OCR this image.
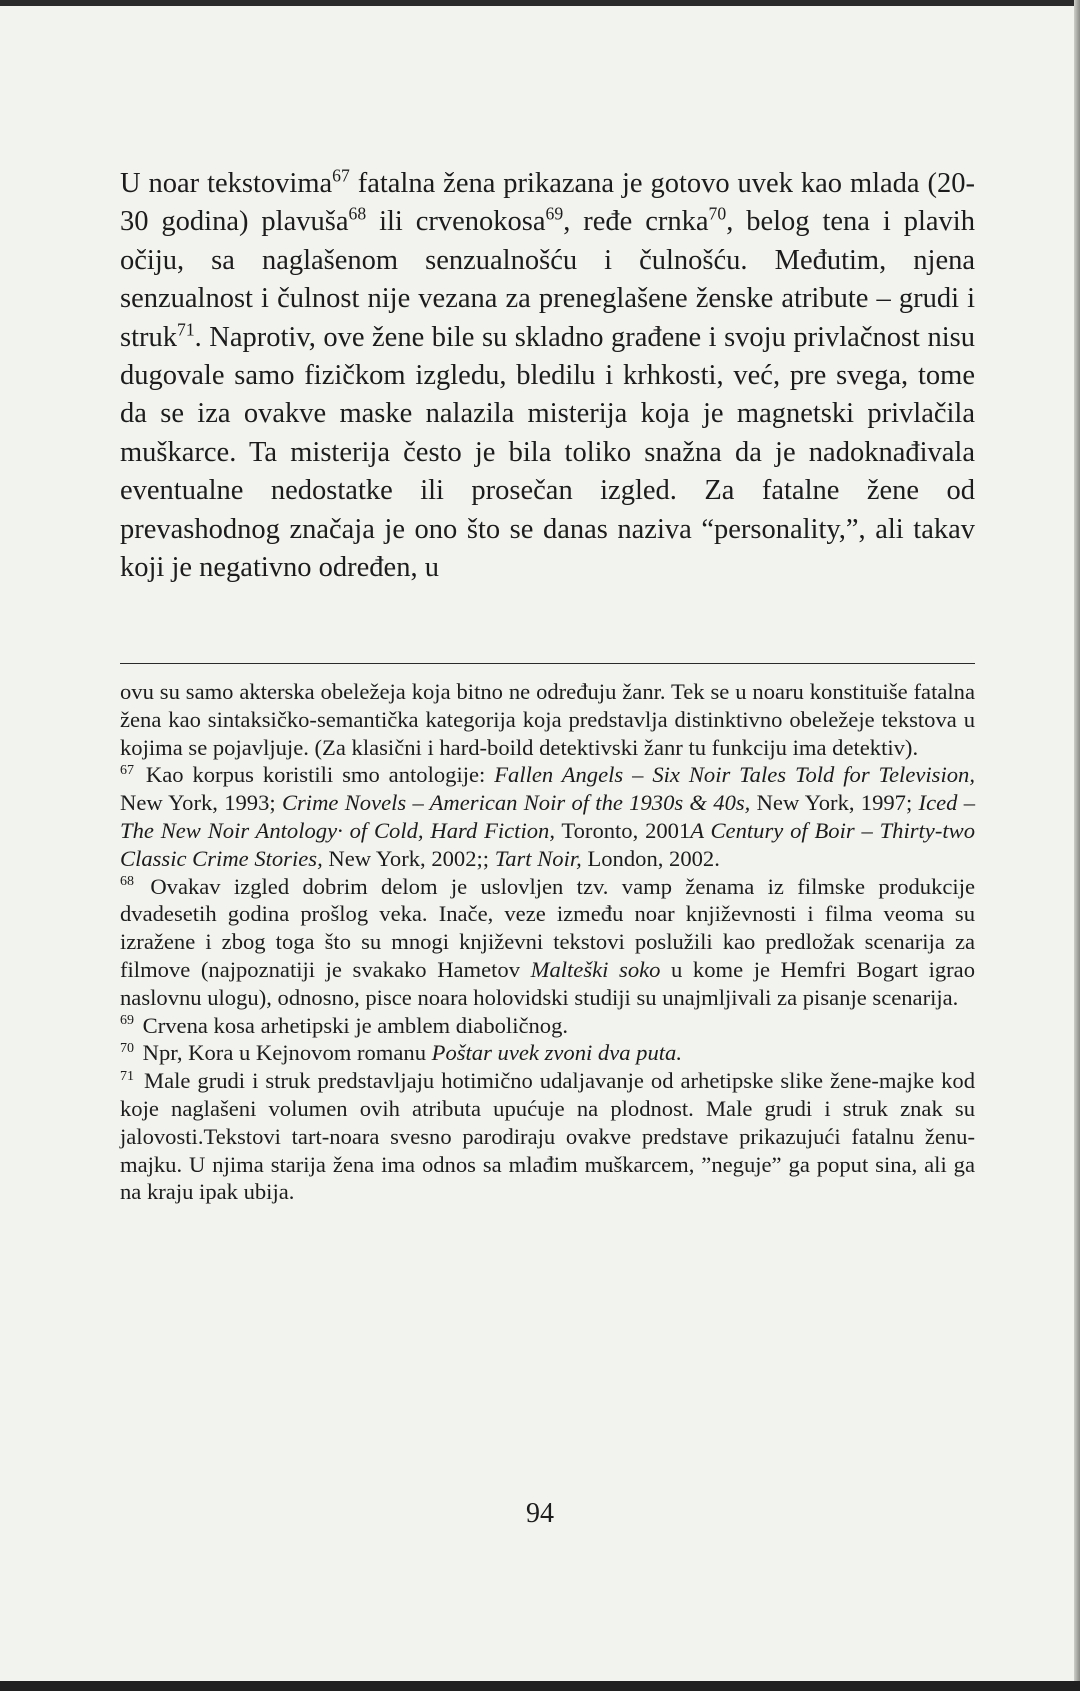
U noar tekstovima$^{67}$ fatalna žena prikazana je gotovo uvek kao mlada (20-30 godina) plavuša$^{68}$ ili crvenokosa$^{69}$, ređe crnka$^{70}$, belog tena i plavih očiju, sa naglašenom senzualnošću i čulnošću. Međutim, njena senzualnost i čulnost nije vezana za preneglašene ženske atribute – grudi i struk$^{71}$. Naprotiv, ove žene bile su skladno građene i svoju privlačnost nisu dugovale samo fizičkom izgledu, bledilu i krhkosti, već, pre svega, tome da se iza ovakve maske nalazila misterija koja je magnetski privlačila muškarce. Ta misterija često je bila toliko snažna da je nadoknađivala eventualne nedostatke ili prosečan izgled. Za fatalne žene od prevashodnog značaja je ono što se danas naziva “personality,”, ali takav koji je negativno određen, u

ovu su samo akterska obeležeja koja bitno ne određuju žanr. Tek se u noaru konstituiše fatalna žena kao sintaksičko-semantička kategorija koja predstavlja distinktivno obeležeje tekstova u kojima se pojavljuje. (Za klasični i hard-boild detektivski žanr tu funkciju ima detektiv).

$^{67}$ Kao korpus koristili smo antologije: Fallen Angels – Six Noir Tales Told for Television, New York, 1993; Crime Novels – American Noir of the 1930s & 40s, New York, 1997; Iced – The New Noir Antology· of Cold, Hard Fiction, Toronto, 2001A Century of Boir – Thirty-two Classic Crime Stories, New York, 2002;; Tart Noir, London, 2002.

$^{68}$ Ovakav izgled dobrim delom je uslovljen tzv. vamp ženama iz filmske produkcije dvadesetih godina prošlog veka. Inače, veze između noar književnosti i filma veoma su izražene i zbog toga što su mnogi književni tekstovi poslužili kao predložak scenarija za filmove (najpoznatiji je svakako Hametov Malteški soko u kome je Hemfri Bogart igrao naslovnu ulogu), odnosno, pisce noara holovidski studiji su unajmljivali za pisanje scenarija.

$^{69}$ Crvena kosa arhetipski je amblem diaboličnog.

$^{70}$ Npr, Kora u Kejnovom romanu Poštar uvek zvoni dva puta.

$^{71}$ Male grudi i struk predstavljaju hotimično udaljavanje od arhetipske slike žene-majke kod koje naglašeni volumen ovih atributa upućuje na plodnost. Male grudi i struk znak su jalovosti.Tekstovi tart-noara svesno parodiraju ovakve predstave prikazujući fatalnu ženu-majku. U njima starija žena ima odnos sa mlađim muškarcem, ”neguje” ga poput sina, ali ga na kraju ipak ubija.

94
